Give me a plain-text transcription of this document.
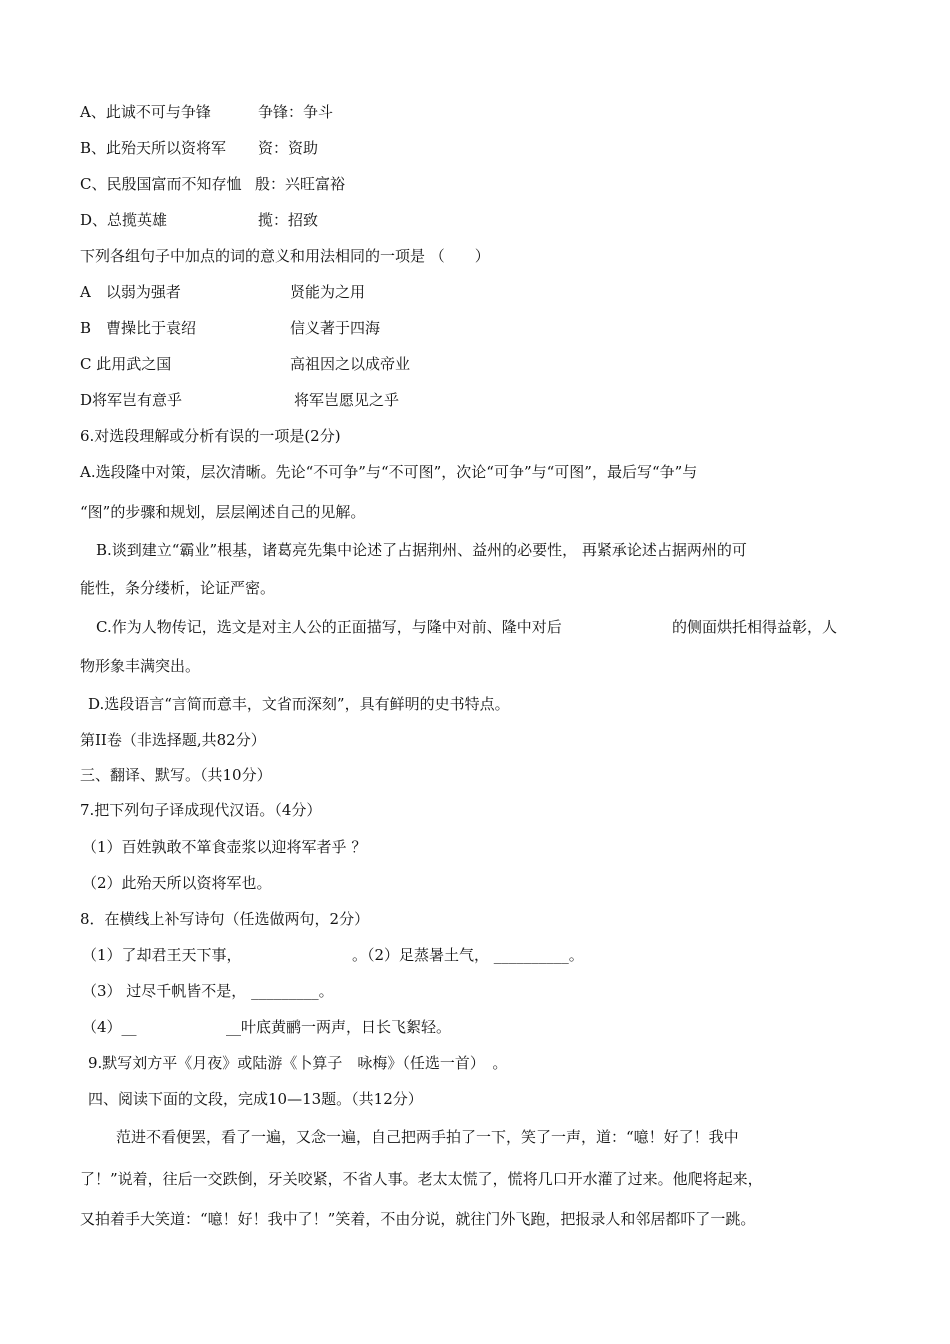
A、此诚不可与争锋	争锋：争斗
B、此殆天所以资将军 资：资助
C、民殷国富而不知存恤 殷：兴旺富裕
D、总揽英雄	揽：招致
下列各组句子中加点的词的意义和用法相同的一项是 （　　）
A　以弱为强者	贤能为之用
B　曹操比于袁绍	信义著于四海
C 此用武之国	高祖因之以成帝业
D将军岂有意乎	将军岂愿见之乎
6.对选段理解或分析有误的一项是(2分)
A.选段隆中对策，层次清晰。先论“不可争”与“不可图”，次论“可争”与“可图”，最后写“争”与
“图”的步骤和规划，层层阐述自己的见解。
B.谈到建立“霸业”根基，诸葛亮先集中论述了占据荆州、益州的必要性， 再紧承论述占据两州的可
能性，条分缕析，论证严密。
C.作为人物传记，选文是对主人公的正面描写，与隆中对前、隆中对后	的侧面烘托相得益彰，人
物形象丰满突出。
D.选段语言“言简而意丰，文省而深刻”，具有鲜明的史书特点。
第II卷（非选择题,共82分）
三、翻译、默写。（共10分）
7.把下列句子译成现代汉语。（4分）
（1）百姓孰敢不箪食壶浆以迎将军者乎 ？
（2）此殆天所以资将军也。
8．在横线上补写诗句（任选做两句，2分）
（1）了却君王天下事，	。（2）足蒸暑土气， __________。
（3） 过尽千帆皆不是， _________。
（4）__	__叶底黄鹂一两声，日长飞絮轻。
9.默写刘方平《月夜》或陆游《卜算子　咏梅》（任选一首）　。
四、阅读下面的文段，完成10—13题。（共12分）
范进不看便罢，看了一遍，又念一遍，自己把两手拍了一下，笑了一声，道：“噫！好了！我中
了！”说着，往后一交跌倒，牙关咬紧，不省人事。老太太慌了，慌将几口开水灌了过来。他爬将起来，
又拍着手大笑道：“噫！好！我中了！”笑着，不由分说，就往门外飞跑，把报录人和邻居都吓了一跳。
